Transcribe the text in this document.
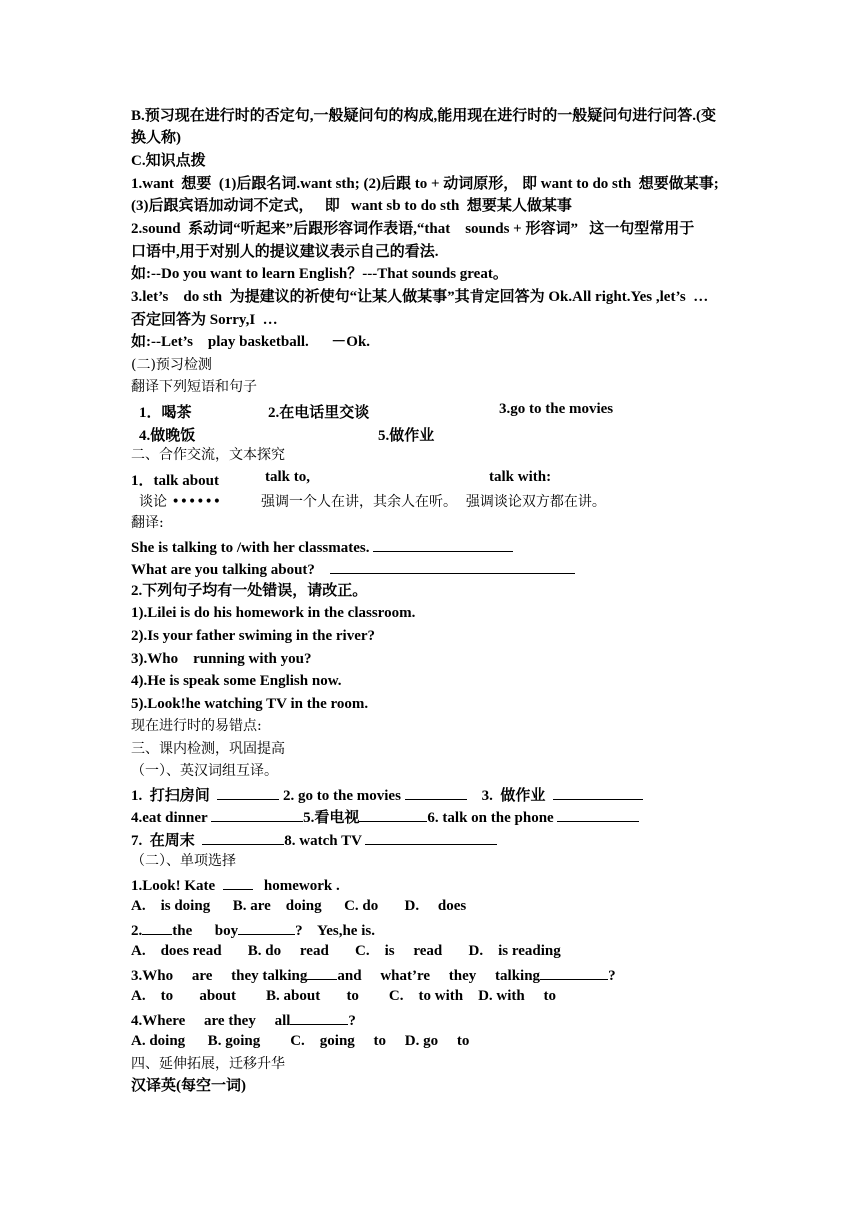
B.预习现在进行时的否定句,一般疑问句的构成,能用现在进行时的一般疑问句进行问答.(变
换人称)
C.知识点拨
1.want  想要  (1)后跟名词.want sth; (2)后跟 to + 动词原形， 即 want to do sth  想要做某事;
(3)后跟宾语加动词不定式，   即   want sb to do sth  想要某人做某事
2.sound  系动词“听起来”后跟形容词作表语,“that    sounds + 形容词”   这一句型常用于
口语中,用于对别人的提议建议表示自己的看法.
如:--Do you want to learn English？---That sounds great。
3.let’s    do sth  为提建议的祈使句“让某人做某事”其肯定回答为 Ok.All right.Yes ,let’s  …
否定回答为 Sorry,I  …
如:--Let’s    play basketball.      －Ok.
(二)预习检测
翻译下列短语和句子
1．喝茶	2.在电话里交谈	3.go to the movies
4.做晚饭	5.做作业
二、合作交流，文本探究
1．talk about	talk to,	talk with:
谈论 ••••••	强调一个人在讲，其余人在听。  强调谈论双方都在讲。
翻译:
She is talking to /with her classmates.
What are you talking about?
2.下列句子均有一处错误，请改正。
1).Lilei is do his homework in the classroom.
2).Is your father swiming in the river?
3).Who    running with you?
4).He is speak some English now.
5).Look!he watching TV in the room.
现在进行时的易错点:
三、课内检测，巩固提高
（一）、英汉词组互译。
1.  打扫房间	2. go to the movies	3.  做作业
4.eat dinner	5.看电视	6. talk on the phone
7.  在周末	8. watch TV
（二）、单项选择
1.Look! Kate     homework .
A.    is doing      B. are    doing      C. do       D.     does
2. the      boy	?    Yes,he is.
A.    does read       B. do     read       C.    is     read       D.    is reading
3.Who     are     they talking and     what’re     they     talking	?
A.    to       about        B. about       to        C.    to with    D. with     to
4.Where     are they     all	?
A. doing      B. going        C.    going     to     D. go     to
四、延伸拓展，迁移升华
汉译英(每空一词)
